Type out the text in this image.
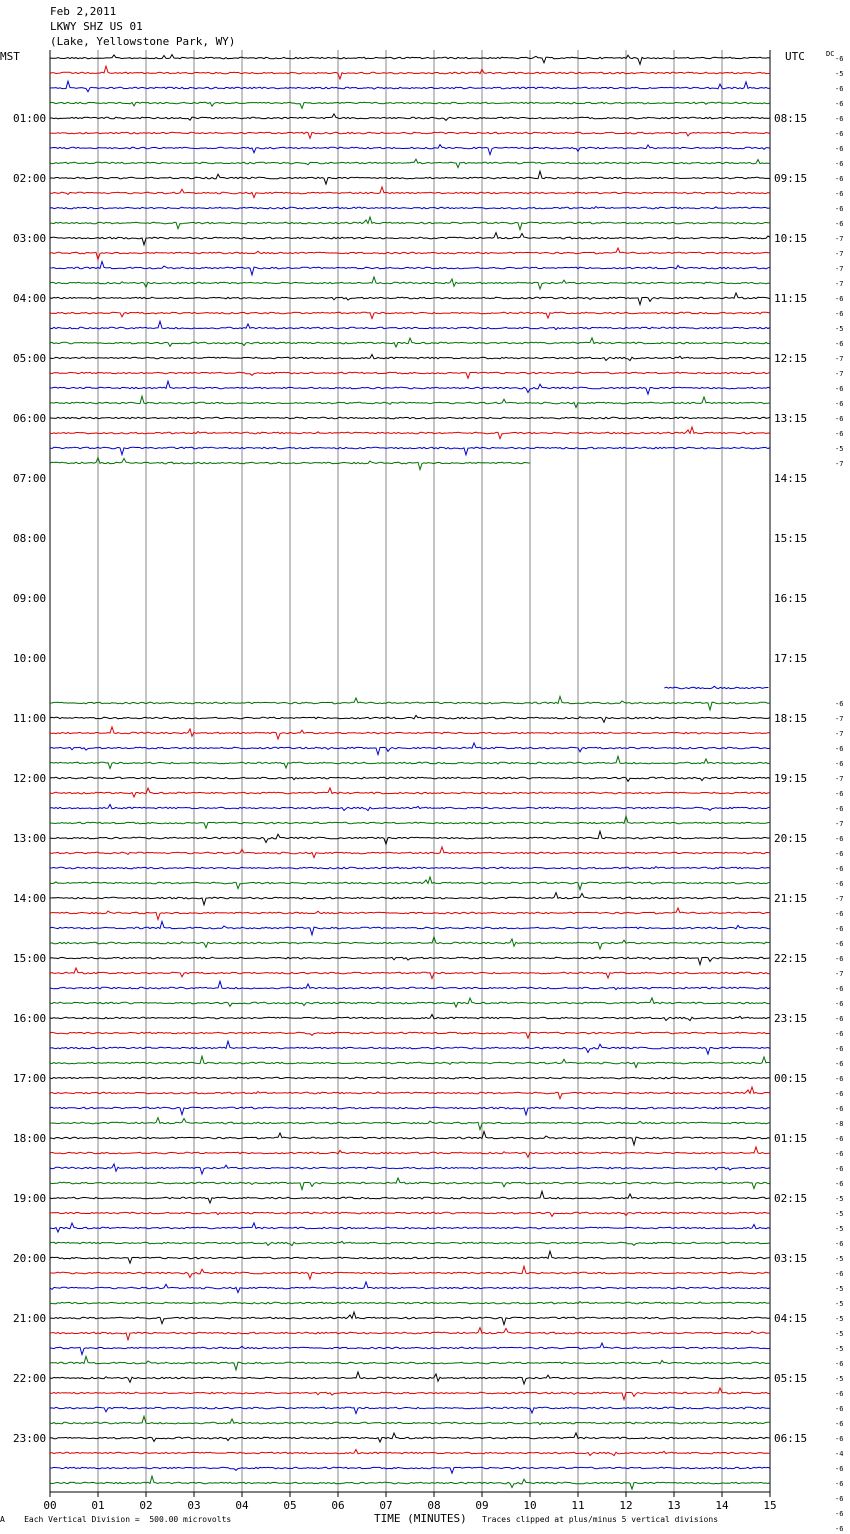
Feb 2,2011
LKWY SHZ US 01
(Lake, Yellowstone Park, WY)
MST	UTC	DC
01:00
02:00
03:00
04:00
05:00
06:00
07:00
08:00
09:00
10:00
11:00
12:00
13:00
14:00
15:00
16:00
17:00
18:00
19:00
20:00
21:00
22:00
23:00
08:15
09:15
10:15
11:15
12:15
13:15
14:15
15:15
16:15
17:15
18:15
19:15
20:15
21:15
22:15
23:15
00:15
01:15
02:15
03:15
04:15
05:15
06:15
-6
-5
-6
-6
-6
-6
-6
-6
-6
-6
-6
-6
-7
-7
-7
-7
-6
-6
-5
-6
-7
-7
-6
-6
-6
-6
-5
-7
-6
-7
-7
-6
-6
-7
-6
-6
-7
-6
-6
-6
-6
-7
-6
-6
-6
-6
-7
-6
-6
-6
-6
-6
-6
-6
-6
-6
-8
-6
-6
-6
-6
-5
-5
-5
-6
-5
-6
-5
-5
-5
-5
-5
-6
-5
-6
-6
-6
-6
-4
-6
-6
-6
-6
-6
00	01	02	03	04	05	06	07	08	09	10	11	12	13	14	15
A Each Vertical Division =  500.00 microvolts	TIME (MINUTES) Traces clipped at plus/minus 5 vertical divisions
